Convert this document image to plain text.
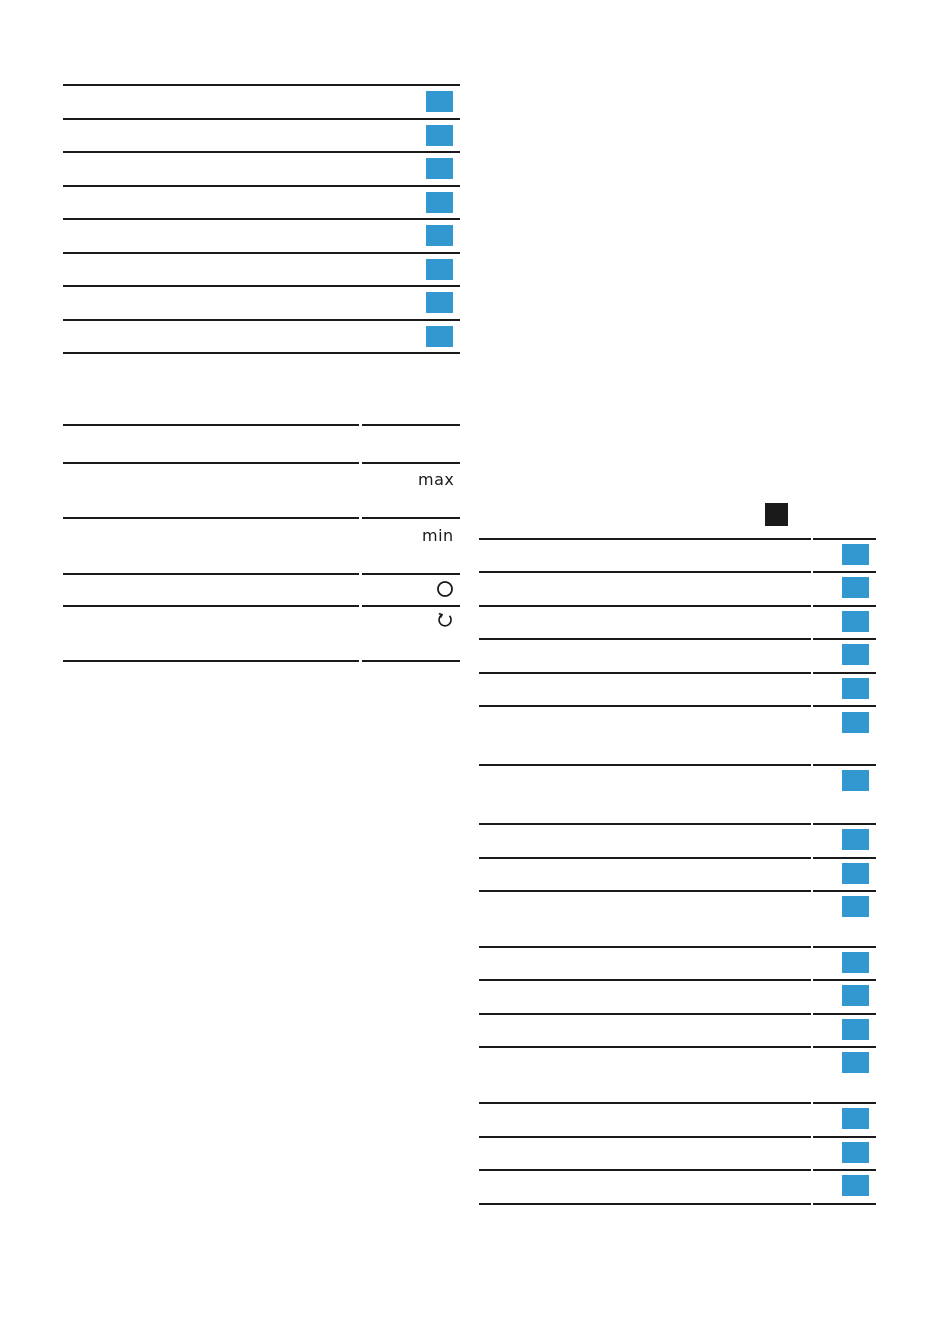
max
min
